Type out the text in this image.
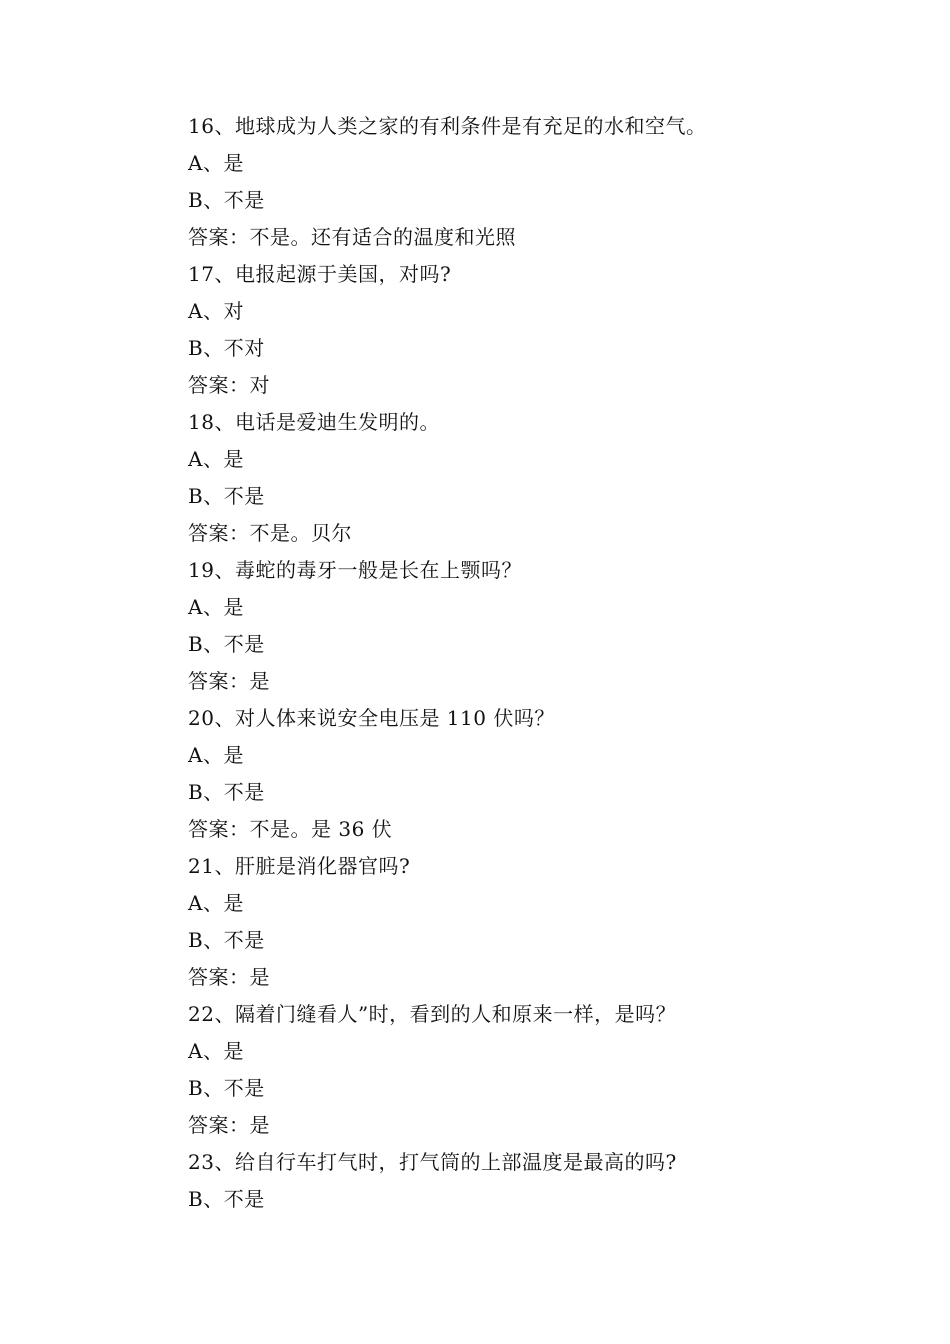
16、地球成为人类之家的有利条件是有充足的水和空气。
A、是
B、不是
答案：不是。还有适合的温度和光照
17、电报起源于美国，对吗?
A、对
B、不对
答案：对
18、电话是爱迪生发明的。
A、是
B、不是
答案：不是。贝尔
19、毒蛇的毒牙一般是长在上颚吗？
A、是
B、不是
答案：是
20、对人体来说安全电压是 110 伏吗？
A、是
B、不是
答案：不是。是 36 伏
21、肝脏是消化器官吗?
A、是
B、不是
答案：是
22、隔着门缝看人”时，看到的人和原来一样，是吗？
A、是
B、不是
答案：是
23、给自行车打气时，打气筒的上部温度是最高的吗?
B、不是
